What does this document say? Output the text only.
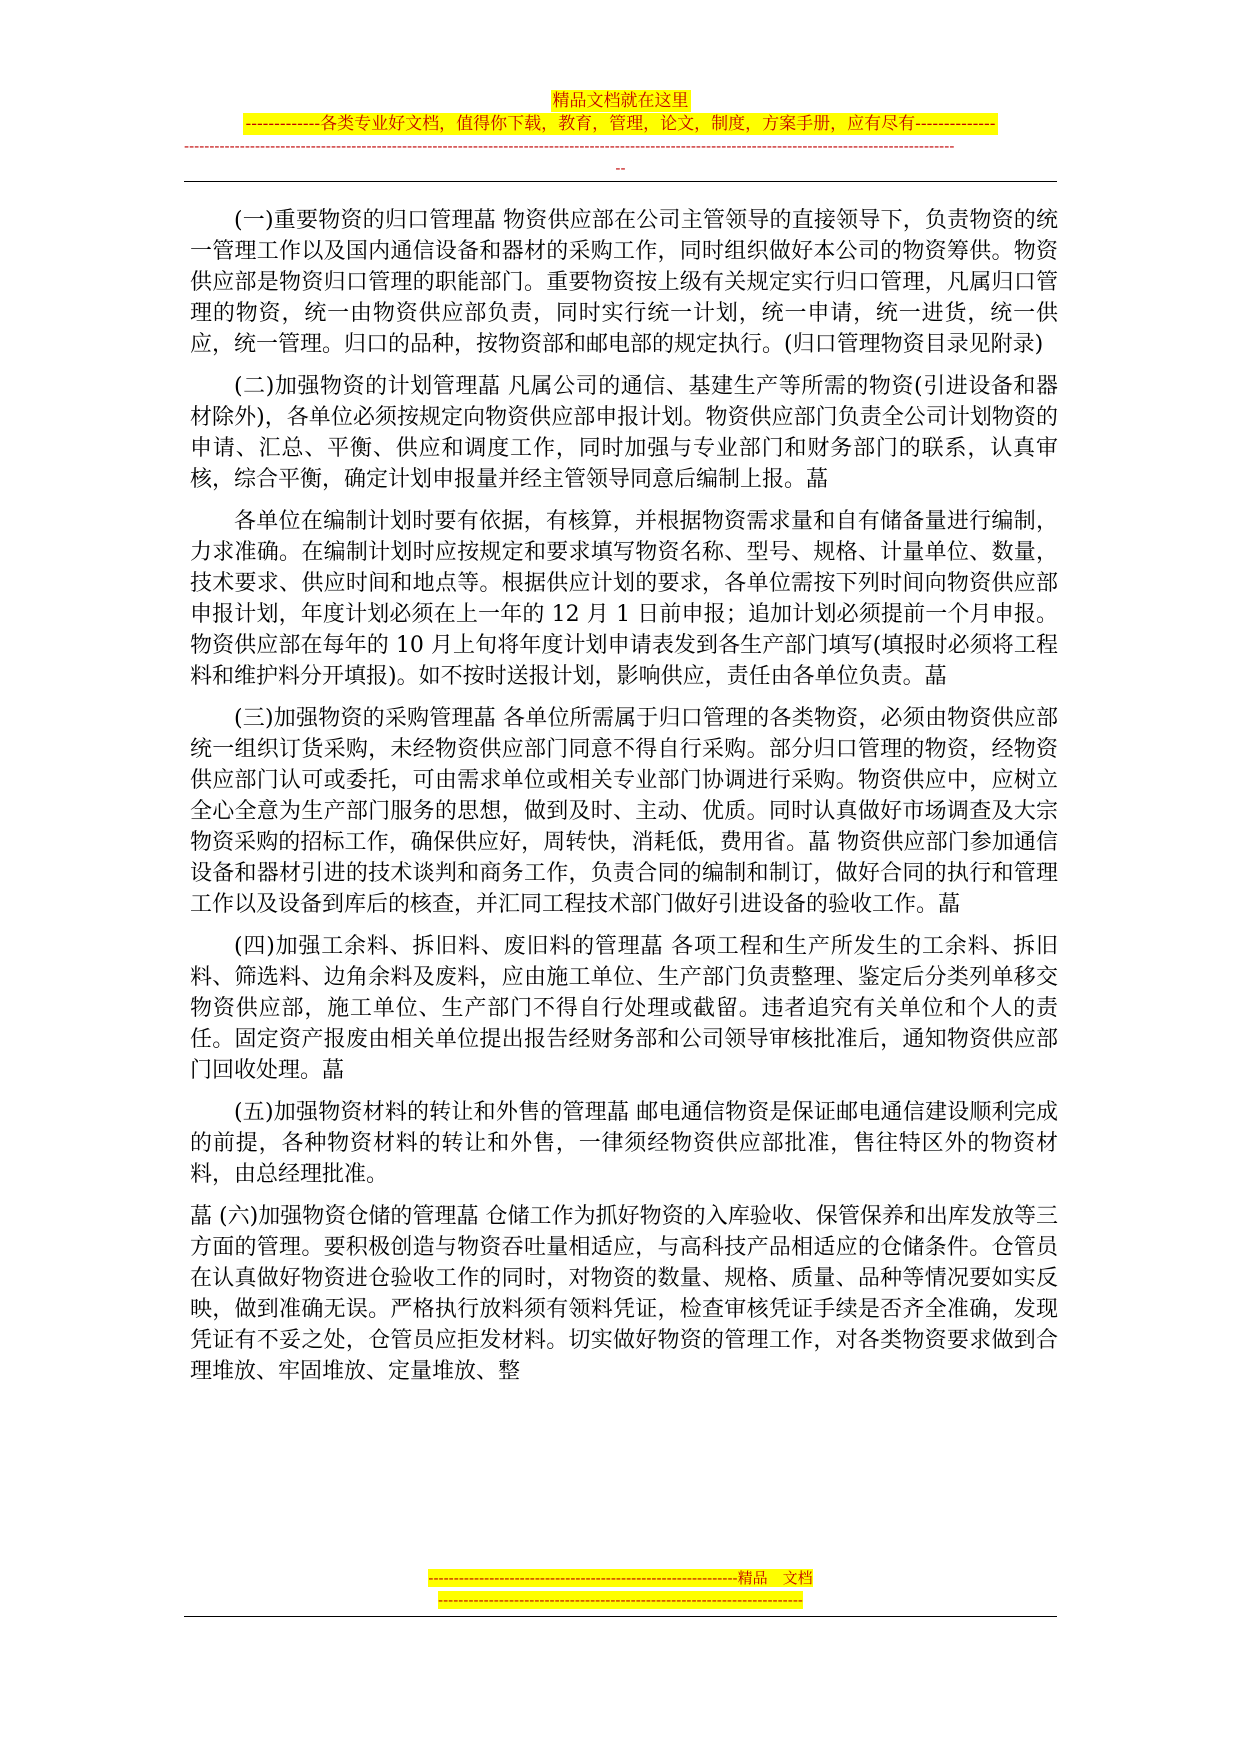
精品文档就在这里
-------------各类专业好文档，值得你下载，教育，管理，论文，制度，方案手册，应有尽有--------------
--------------------------------------------------------------------------------------------------------------------------------------------------------
--

(一)重要物资的归口管理蕌 物资供应部在公司主管领导的直接领导下，负责物资的统一管理工作以及国内通信设备和器材的采购工作，同时组织做好本公司的物资筹供。物资供应部是物资归口管理的职能部门。重要物资按上级有关规定实行归口管理，凡属归口管理的物资，统一由物资供应部负责，同时实行统一计划，统一申请，统一进货，统一供应，统一管理。归口的品种，按物资部和邮电部的规定执行。(归口管理物资目录见附录)

(二)加强物资的计划管理蕌 凡属公司的通信、基建生产等所需的物资(引进设备和器材除外)，各单位必须按规定向物资供应部申报计划。物资供应部门负责全公司计划物资的申请、汇总、平衡、供应和调度工作，同时加强与专业部门和财务部门的联系，认真审核，综合平衡，确定计划申报量并经主管领导同意后编制上报。蕌

各单位在编制计划时要有依据，有核算，并根据物资需求量和自有储备量进行编制，力求准确。在编制计划时应按规定和要求填写物资名称、型号、规格、计量单位、数量，技术要求、供应时间和地点等。根据供应计划的要求，各单位需按下列时间向物资供应部申报计划，年度计划必须在上一年的 12 月 1 日前申报；追加计划必须提前一个月申报。物资供应部在每年的 10 月上旬将年度计划申请表发到各生产部门填写(填报时必须将工程料和维护料分开填报)。如不按时送报计划，影响供应，责任由各单位负责。蕌

(三)加强物资的采购管理蕌 各单位所需属于归口管理的各类物资，必须由物资供应部统一组织订货采购，未经物资供应部门同意不得自行采购。部分归口管理的物资，经物资供应部门认可或委托，可由需求单位或相关专业部门协调进行采购。物资供应中，应树立全心全意为生产部门服务的思想，做到及时、主动、优质。同时认真做好市场调查及大宗物资采购的招标工作，确保供应好，周转快，消耗低，费用省。蕌 物资供应部门参加通信设备和器材引进的技术谈判和商务工作，负责合同的编制和制订，做好合同的执行和管理工作以及设备到库后的核查，并汇同工程技术部门做好引进设备的验收工作。蕌

(四)加强工余料、拆旧料、废旧料的管理蕌 各项工程和生产所发生的工余料、拆旧料、筛选料、边角余料及废料，应由施工单位、生产部门负责整理、鉴定后分类列单移交物资供应部，施工单位、生产部门不得自行处理或截留。违者追究有关单位和个人的责任。固定资产报废由相关单位提出报告经财务部和公司领导审核批准后，通知物资供应部门回收处理。蕌

(五)加强物资材料的转让和外售的管理蕌 邮电通信物资是保证邮电通信建设顺利完成的前提，各种物资材料的转让和外售，一律须经物资供应部批准，售往特区外的物资材料，由总经理批准。

蕌 (六)加强物资仓储的管理蕌 仓储工作为抓好物资的入库验收、保管保养和出库发放等三方面的管理。要积极创造与物资吞吐量相适应，与高科技产品相适应的仓储条件。仓管员在认真做好物资进仓验收工作的同时，对物资的数量、规格、质量、品种等情况要如实反映，做到准确无误。严格执行放料须有领料凭证，检查审核凭证手续是否齐全准确，发现凭证有不妥之处，仓管员应拒发材料。切实做好物资的管理工作，对各类物资要求做到合理堆放、牢固堆放、定量堆放、整

-------------------------------------------------------------精品　文档
------------------------------------------------------------------------
